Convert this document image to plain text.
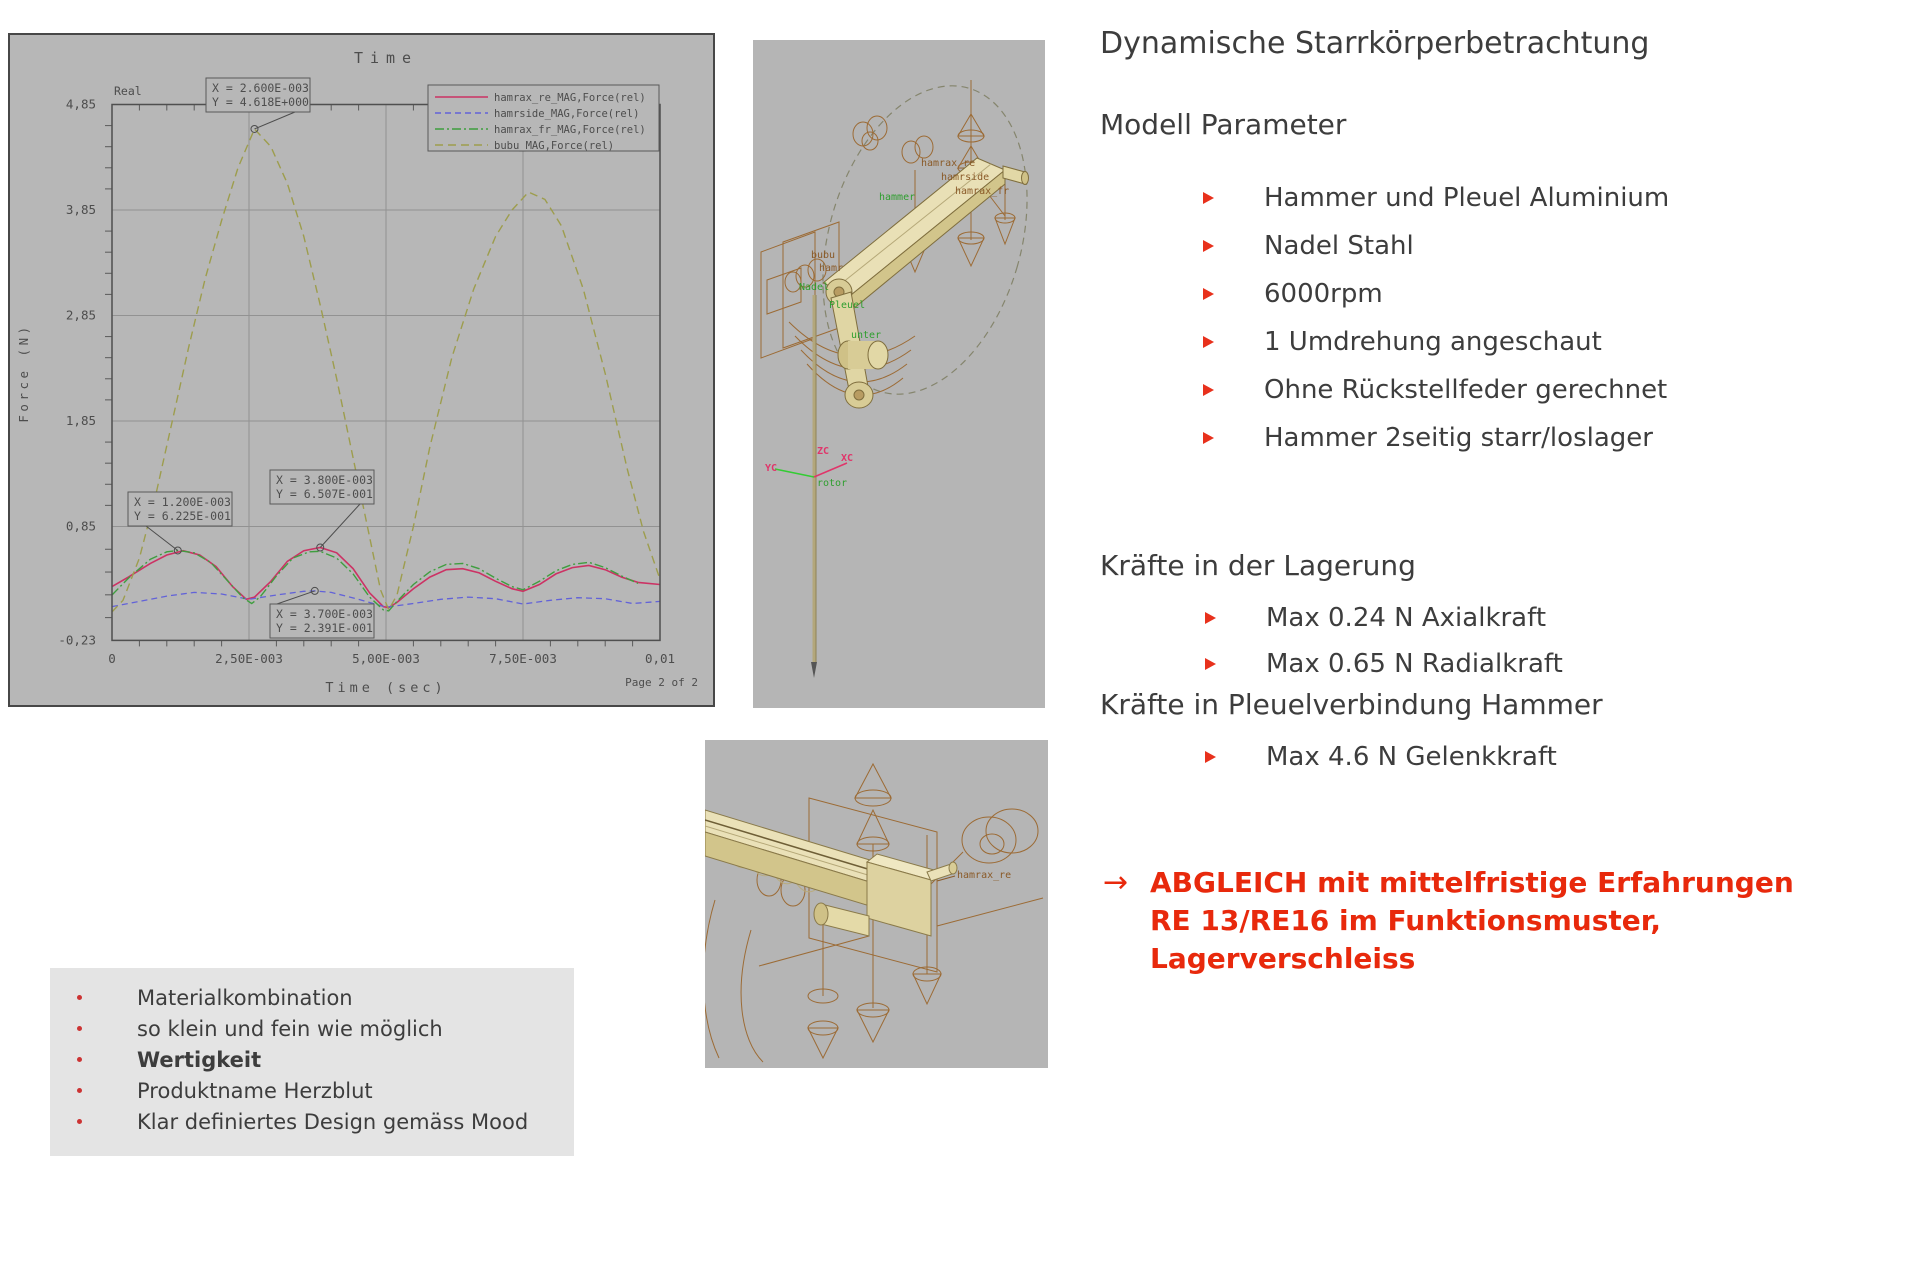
4,85
3,85
2,85
1,85
0,85
-0,23
0	2,50E-003	5,00E-003	7,50E-003	0,01
Time
Real
Force (N)
Time (sec)	Page 2 of 2
hamrax_re_MAG,Force(rel)
hamrside_MAG,Force(rel)
hamrax_fr_MAG,Force(rel)
bubu_MAG,Force(rel)
X = 2.600E-003
Y = 4.618E+000
X = 1.200E-003
Y = 6.225E-001
X = 3.800E-003
Y = 6.507E-001
X = 3.700E-003
Y = 2.391E-001
ZC
YC
XC
rotor
hamrax_re
hamrside
hamrax_fr
bubu
hamr
hammer
Nadel
Pleuel
unter
hamrax_re
Dynamische Starrkörperbetrachtung
Modell Parameter
Hammer und Pleuel Aluminium
Nadel Stahl
6000rpm
1 Umdrehung angeschaut
Ohne Rückstellfeder gerechnet
Hammer 2seitig starr/loslager
Kräfte in der Lagerung
Max 0.24 N Axialkraft
Max 0.65 N Radialkraft
Kräfte in Pleuelverbindung Hammer
Max 4.6 N Gelenkkraft
→ ABGLEICH mit mittelfristige Erfahrungen
RE 13/RE16 im Funktionsmuster,
Lagerverschleiss
Materialkombination
so klein und fein wie möglich
Wertigkeit
Produktname Herzblut
Klar definiertes Design gemäss Mood
